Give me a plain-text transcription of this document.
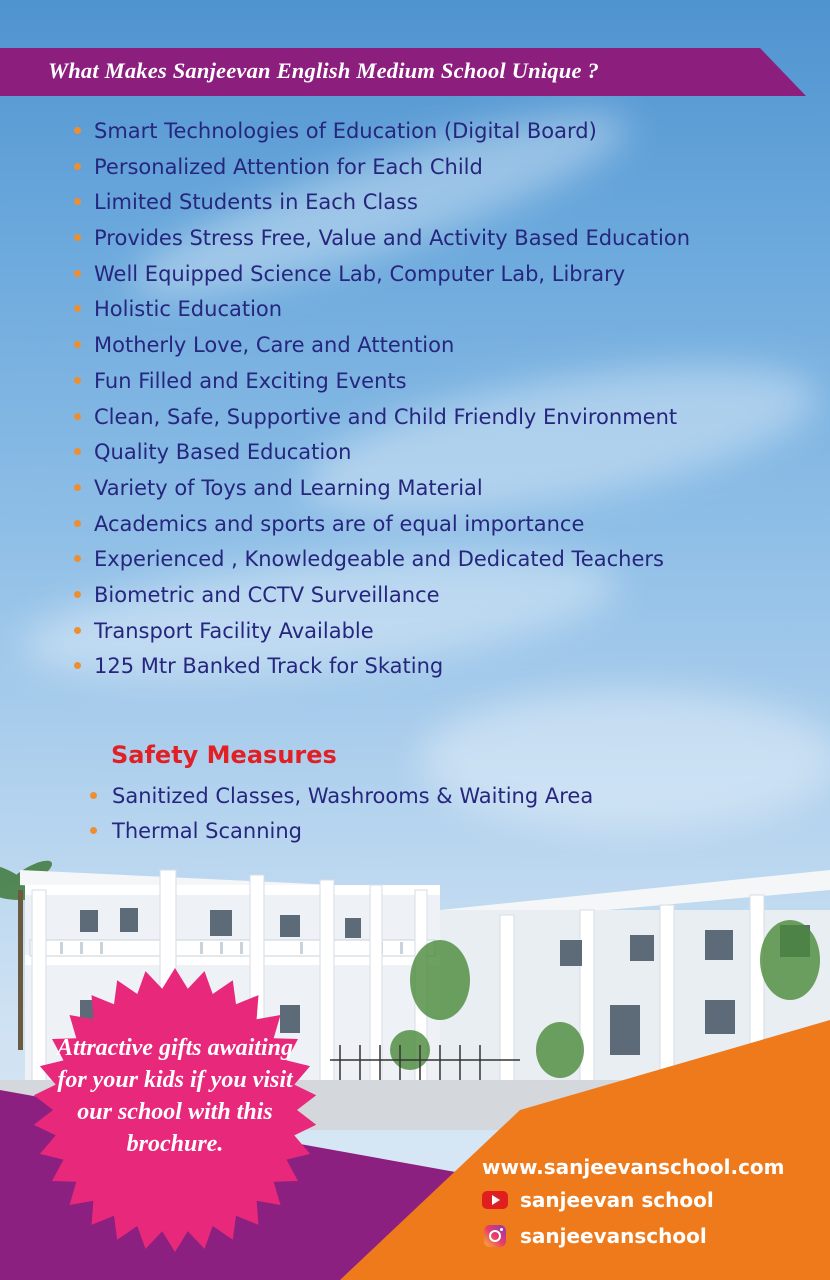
What Makes Sanjeevan English Medium School Unique ?
Smart Technologies of Education (Digital Board)
Personalized Attention for Each Child
Limited Students in Each Class
Provides Stress Free, Value and Activity Based Education
Well Equipped Science Lab, Computer Lab, Library
Holistic Education
Motherly Love, Care and Attention
Fun Filled and Exciting Events
Clean, Safe, Supportive and Child Friendly Environment
Quality Based Education
Variety of Toys and Learning Material
Academics and sports are of equal importance
Experienced , Knowledgeable and Dedicated Teachers
Biometric and CCTV Surveillance
Transport Facility Available
125 Mtr Banked Track for Skating
Safety Measures
Sanitized Classes, Washrooms & Waiting Area
Thermal Scanning
Attractive gifts awaiting for your kids if you visit our school with this brochure.
www.sanjeevanschool.com
sanjeevan school
sanjeevanschool
